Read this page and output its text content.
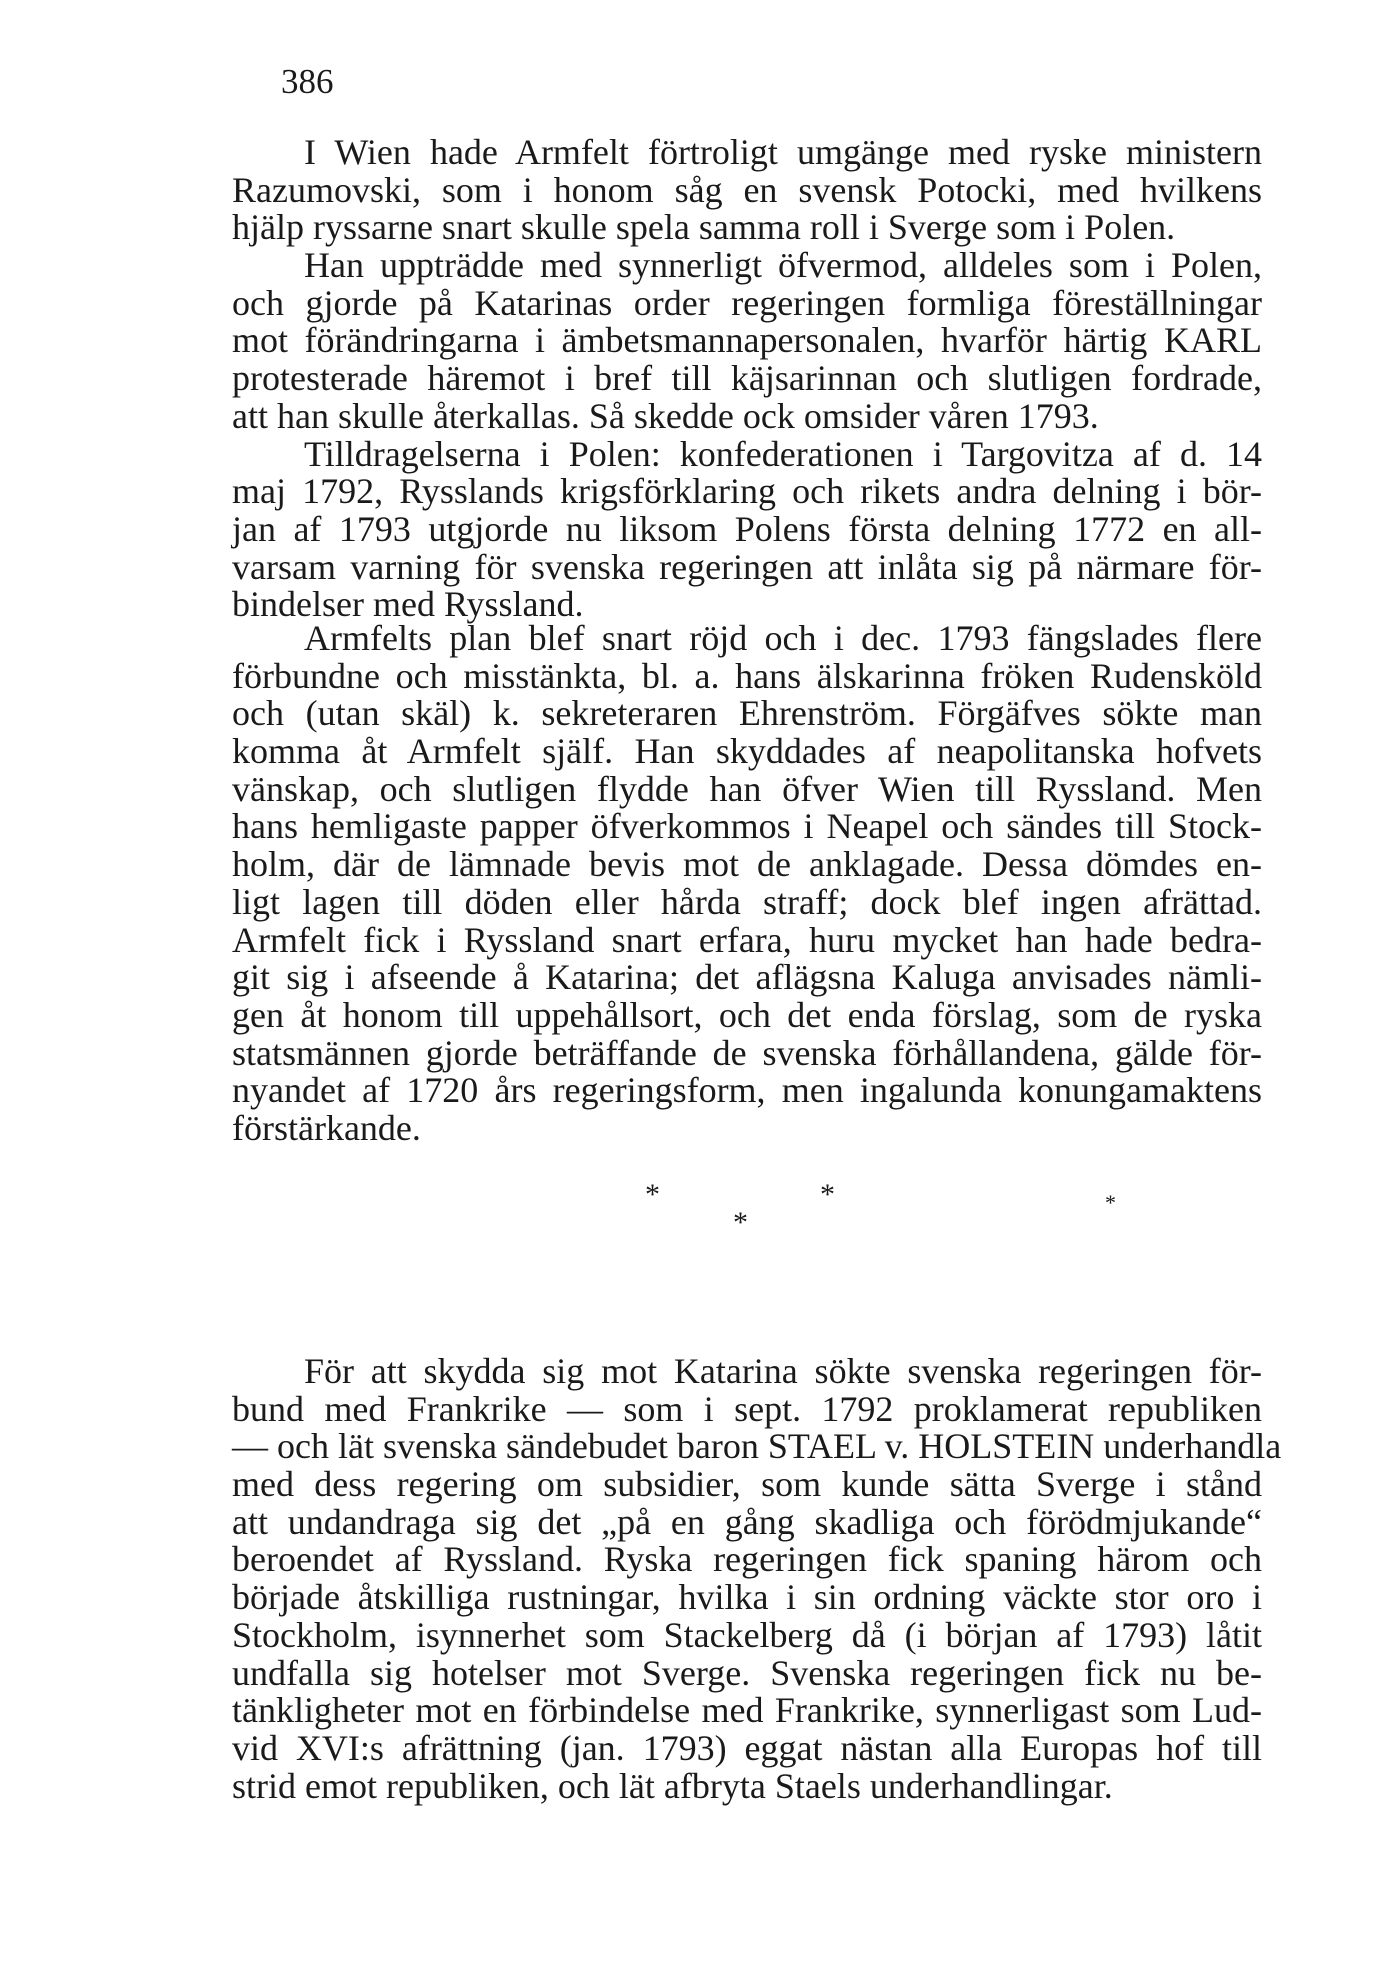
386
I Wien hade Armfelt förtroligt umgänge med ryske ministern
Razumovski, som i honom såg en svensk Potocki, med hvilkens
hjälp ryssarne snart skulle spela samma roll i Sverge som i Polen.
Han uppträdde med synnerligt öfvermod, alldeles som i Polen,
och gjorde på Katarinas order regeringen formliga föreställningar
mot förändringarna i ämbetsmannapersonalen, hvarför härtig KARL
protesterade häremot i bref till käjsarinnan och slutligen fordrade,
att han skulle återkallas. Så skedde ock omsider våren 1793.
Tilldragelserna i Polen: konfederationen i Targovitza af d. 14
maj 1792, Rysslands krigsförklaring och rikets andra delning i bör-
jan af 1793 utgjorde nu liksom Polens första delning 1772 en all-
varsam varning för svenska regeringen att inlåta sig på närmare för-
bindelser med Ryssland.
Armfelts plan blef snart röjd och i dec. 1793 fängslades flere
förbundne och misstänkta, bl. a. hans älskarinna fröken Rudensköld
och (utan skäl) k. sekreteraren Ehrenström. Förgäfves sökte man
komma åt Armfelt själf. Han skyddades af neapolitanska hofvets
vänskap, och slutligen flydde han öfver Wien till Ryssland. Men
hans hemligaste papper öfverkommos i Neapel och sändes till Stock-
holm, där de lämnade bevis mot de anklagade. Dessa dömdes en-
ligt lagen till döden eller hårda straff; dock blef ingen afrättad.
Armfelt fick i Ryssland snart erfara, huru mycket han hade bedra-
git sig i afseende å Katarina; det aflägsna Kaluga anvisades nämli-
gen åt honom till uppehållsort, och det enda förslag, som de ryska
statsmännen gjorde beträffande de svenska förhållandena, gälde för-
nyandet af 1720 års regeringsform, men ingalunda konungamaktens
förstärkande.
För att skydda sig mot Katarina sökte svenska regeringen för-
bund med Frankrike — som i sept. 1792 proklamerat republiken
— och lät svenska sändebudet baron STAEL v. HOLSTEIN underhandla
med dess regering om subsidier, som kunde sätta Sverge i stånd
att undandraga sig det „på en gång skadliga och förödmjukande“
beroendet af Ryssland. Ryska regeringen fick spaning härom och
började åtskilliga rustningar, hvilka i sin ordning väckte stor oro i
Stockholm, isynnerhet som Stackelberg då (i början af 1793) låtit
undfalla sig hotelser mot Sverge. Svenska regeringen fick nu be-
tänkligheter mot en förbindelse med Frankrike, synnerligast som Lud-
vid XVI:s afrättning (jan. 1793) eggat nästan alla Europas hof till
strid emot republiken, och lät afbryta Staels underhandlingar.
*	*	*
*
